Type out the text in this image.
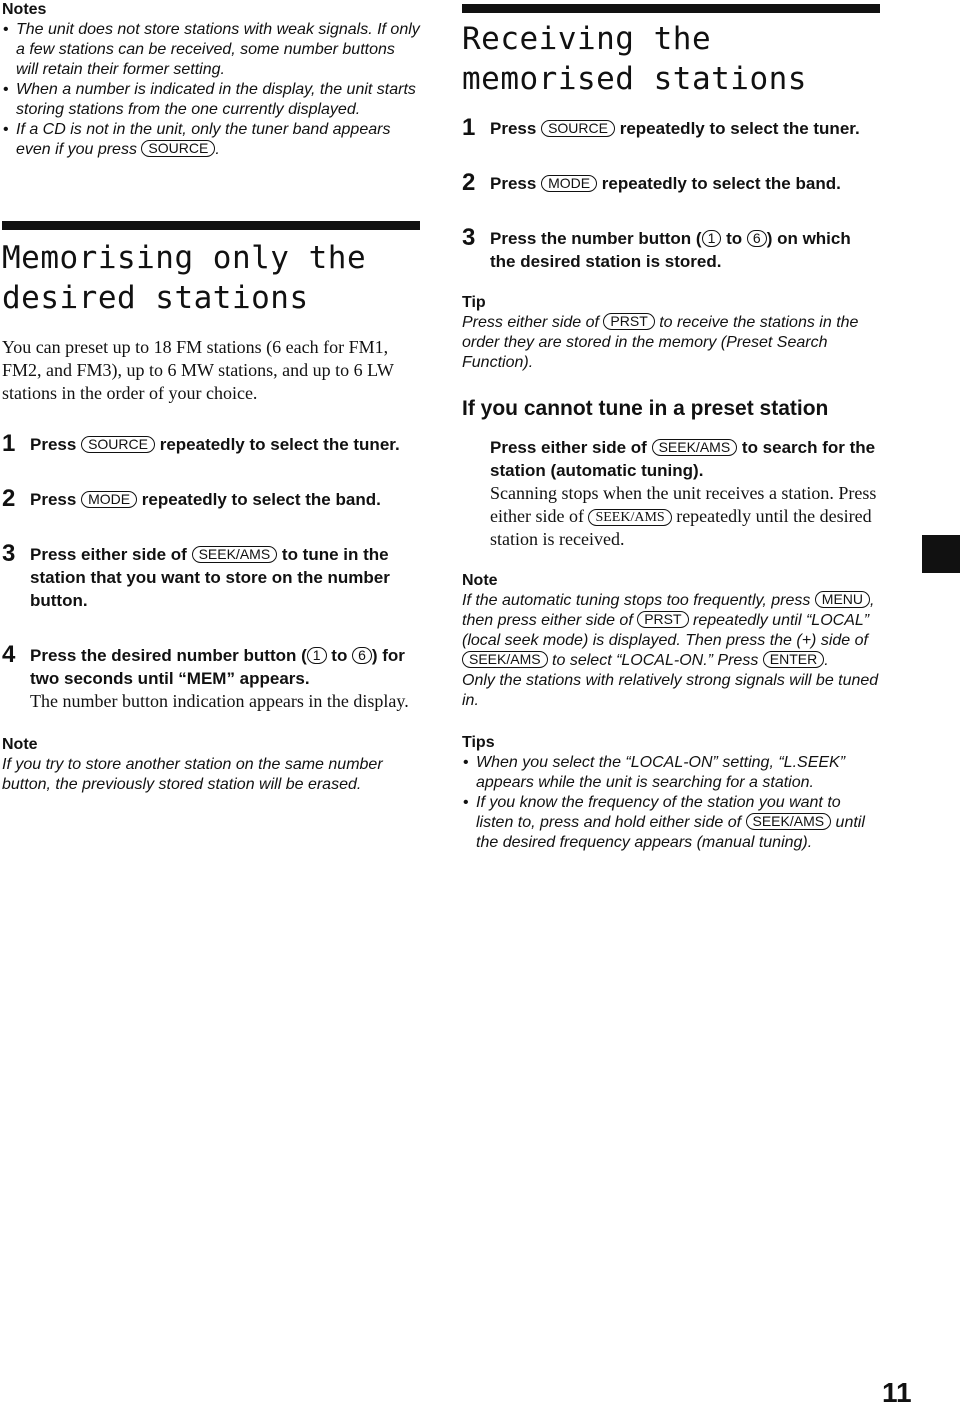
Notes
• The unit does not store stations with weak signals. If only a few stations can be received, some number buttons will retain their former setting.
• When a number is indicated in the display, the unit starts storing stations from the one currently displayed.
• If a CD is not in the unit, only the tuner band appears even if you press SOURCE .
Memorising only the desired stations
You can preset up to 18 FM stations (6 each for FM1, FM2, and FM3), up to 6 MW stations, and up to 6 LW stations in the order of your choice.
1 Press SOURCE repeatedly to select the tuner.
2 Press MODE repeatedly to select the band.
3 Press either side of SEEK/AMS to tune in the station that you want to store on the number button.
4 Press the desired number button ( 1 to 6 ) for two seconds until “MEM” appears.
The number button indication appears in the display.
Note
If you try to store another station on the same number button, the previously stored station will be erased.
Receiving the memorised stations
1 Press SOURCE repeatedly to select the tuner.
2 Press MODE repeatedly to select the band.
3 Press the number button ( 1 to 6 ) on which the desired station is stored.
Tip
Press either side of PRST to receive the stations in the order they are stored in the memory (Preset Search Function).
If you cannot tune in a preset station
Press either side of SEEK/AMS to search for the station (automatic tuning).
Scanning stops when the unit receives a station. Press either side of SEEK/AMS repeatedly until the desired station is received.
Note
If the automatic tuning stops too frequently, press MENU , then press either side of PRST repeatedly until “LOCAL” (local seek mode) is displayed. Then press the (+) side of SEEK/AMS to select “LOCAL-ON.” Press ENTER .
Only the stations with relatively strong signals will be tuned in.
Tips
• When you select the “LOCAL-ON” setting, “L.SEEK” appears while the unit is searching for a station.
• If you know the frequency of the station you want to listen to, press and hold either side of SEEK/AMS until the desired frequency appears (manual tuning).
11
